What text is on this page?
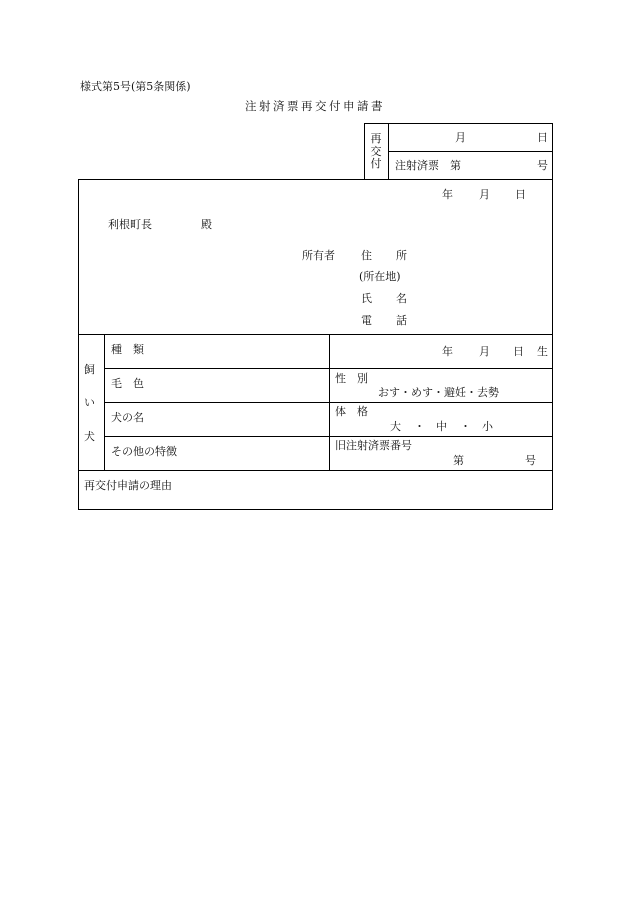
様式第5号(第5条関係)
注射済票再交付申請書
再
交
付
月	日
注射済票　第	号
年 月 日
利根町長	殿
所有者 住 所
(所在地)
氏 名
電 話
飼
い
犬
種　類	年 月 日 生
毛　色	性　別
おす・めす・避妊・去勢
犬の名	体　格
大 ・ 中 ・ 小
その他の特徴	旧注射済票番号
第	号
再交付申請の理由
